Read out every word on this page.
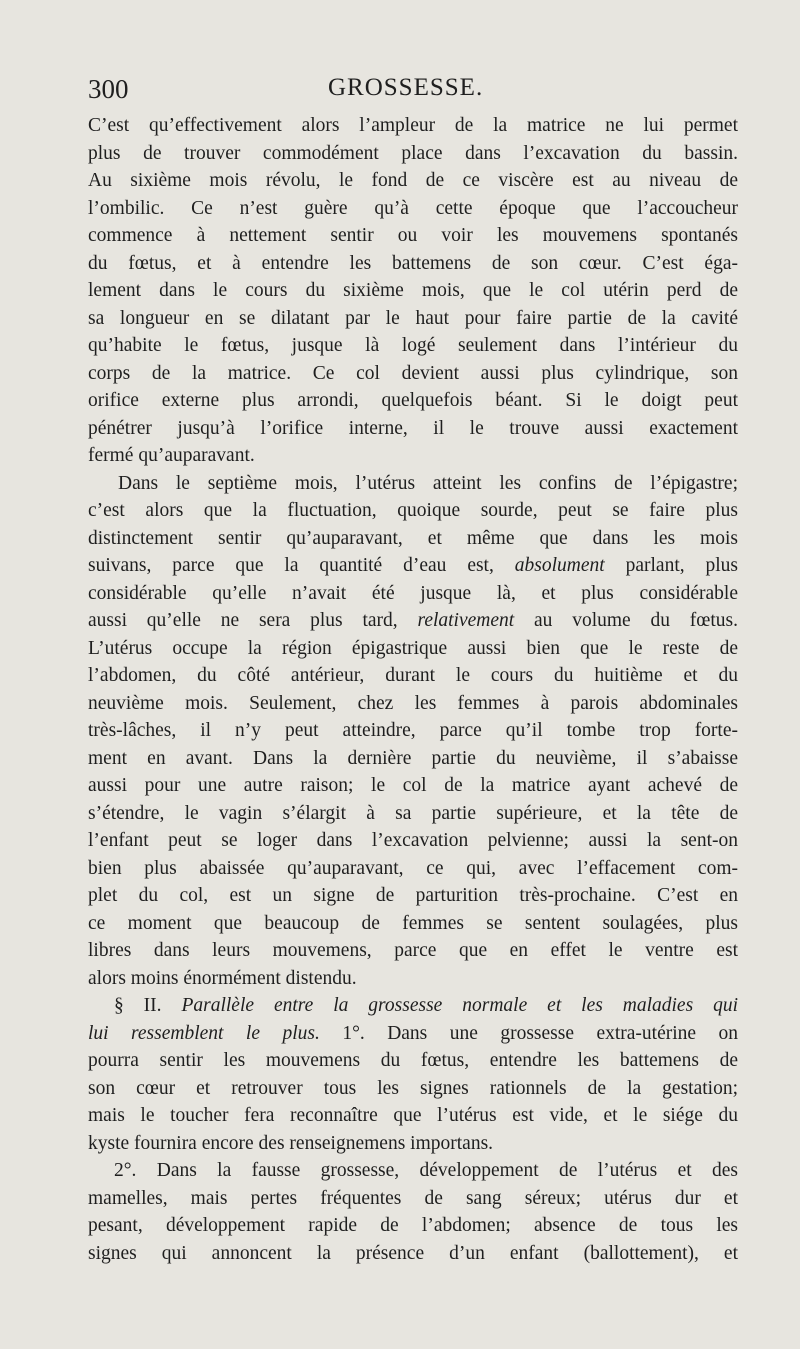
300	GROSSESSE.
C’est qu’effectivement alors l’ampleur de la matrice ne lui permet
plus de trouver commodément place dans l’excavation du bassin.
Au sixième mois révolu, le fond de ce viscère est au niveau de
l’ombilic. Ce n’est guère qu’à cette époque que l’accoucheur
commence à nettement sentir ou voir les mouvemens spontanés
du fœtus, et à entendre les battemens de son cœur. C’est éga-
lement dans le cours du sixième mois, que le col utérin perd de
sa longueur en se dilatant par le haut pour faire partie de la cavité
qu’habite le fœtus, jusque là logé seulement dans l’intérieur du
corps de la matrice. Ce col devient aussi plus cylindrique, son
orifice externe plus arrondi, quelquefois béant. Si le doigt peut
pénétrer jusqu’à l’orifice interne, il le trouve aussi exactement
fermé qu’auparavant.
Dans le septième mois, l’utérus atteint les confins de l’épigastre;
c’est alors que la fluctuation, quoique sourde, peut se faire plus
distinctement sentir qu’auparavant, et même que dans les mois
suivans, parce que la quantité d’eau est, absolument parlant, plus
considérable qu’elle n’avait été jusque là, et plus considérable
aussi qu’elle ne sera plus tard, relativement au volume du fœtus.
L’utérus occupe la région épigastrique aussi bien que le reste de
l’abdomen, du côté antérieur, durant le cours du huitième et du
neuvième mois. Seulement, chez les femmes à parois abdominales
très-lâches, il n’y peut atteindre, parce qu’il tombe trop forte-
ment en avant. Dans la dernière partie du neuvième, il s’abaisse
aussi pour une autre raison; le col de la matrice ayant achevé de
s’étendre, le vagin s’élargit à sa partie supérieure, et la tête de
l’enfant peut se loger dans l’excavation pelvienne; aussi la sent-on
bien plus abaissée qu’auparavant, ce qui, avec l’effacement com-
plet du col, est un signe de parturition très-prochaine. C’est en
ce moment que beaucoup de femmes se sentent soulagées, plus
libres dans leurs mouvemens, parce que en effet le ventre est
alors moins énormément distendu.
§ II. Parallèle entre la grossesse normale et les maladies qui
lui ressemblent le plus. 1°. Dans une grossesse extra-utérine on
pourra sentir les mouvemens du fœtus, entendre les battemens de
son cœur et retrouver tous les signes rationnels de la gestation;
mais le toucher fera reconnaître que l’utérus est vide, et le siége du
kyste fournira encore des renseignemens importans.
2°. Dans la fausse grossesse, développement de l’utérus et des
mamelles, mais pertes fréquentes de sang séreux; utérus dur et
pesant, développement rapide de l’abdomen; absence de tous les
signes qui annoncent la présence d’un enfant (ballottement), et
